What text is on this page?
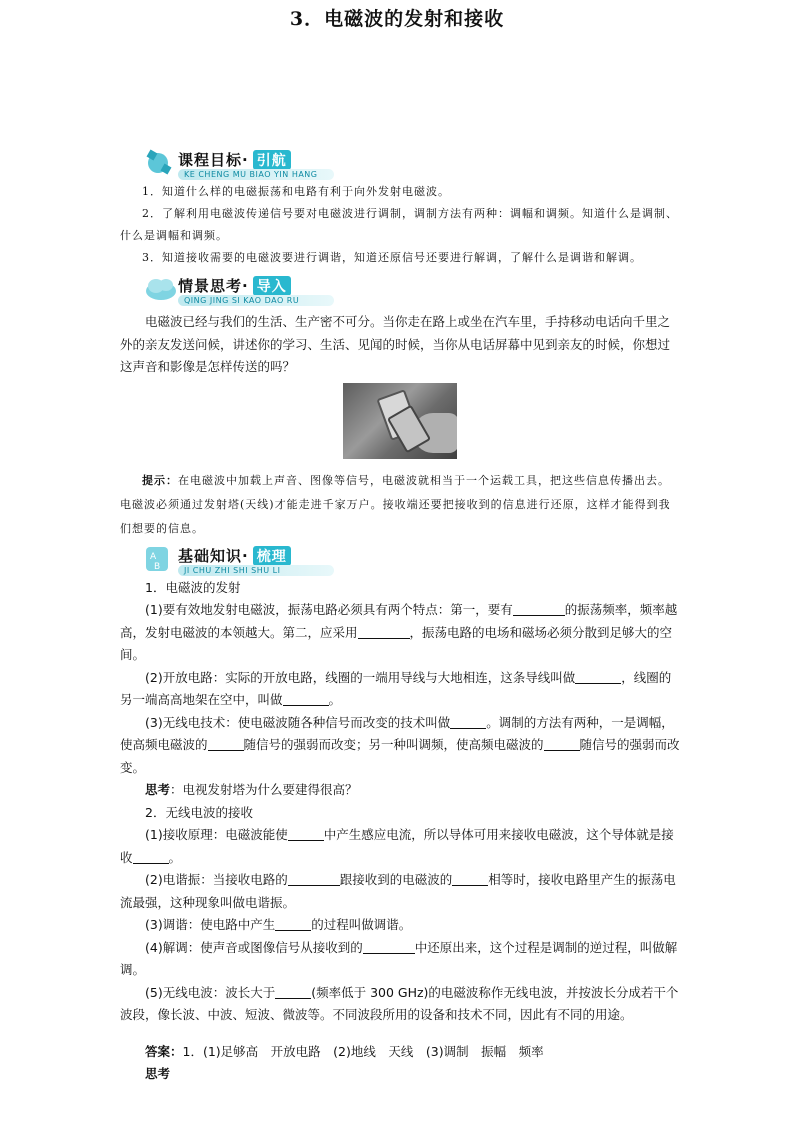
3．电磁波的发射和接收
课程目标· 引航
KE CHENG MU BIAO YIN HANG

1．知道什么样的电磁振荡和电路有利于向外发射电磁波。

2．了解利用电磁波传递信号要对电磁波进行调制，调制方法有两种：调幅和调频。知道什么是调制、什么是调幅和调频。

3．知道接收需要的电磁波要进行调谐，知道还原信号还要进行解调，了解什么是调谐和解调。

情景思考· 导入
QING JING SI KAO DAO RU

电磁波已经与我们的生活、生产密不可分。当你走在路上或坐在汽车里，手持移动电话向千里之外的亲友发送问候，讲述你的学习、生活、见闻的时候，当你从电话屏幕中见到亲友的时候，你想过这声音和影像是怎样传送的吗？

提示：在电磁波中加载上声音、图像等信号，电磁波就相当于一个运载工具，把这些信息传播出去。电磁波必须通过发射塔(天线)才能走进千家万户。接收端还要把接收到的信息进行还原，这样才能得到我们想要的信息。

A
B
基础知识· 梳理
JI CHU ZHI SHI SHU LI

1．电磁波的发射

(1)要有效地发射电磁波，振荡电路必须具有两个特点：第一，要有	的振荡频率，频率越高，发射电磁波的本领越大。第二，应采用	，振荡电路的电场和磁场必须分散到足够大的空间。

(2)开放电路：实际的开放电路，线圈的一端用导线与大地相连，这条导线叫做	，线圈的另一端高高地架在空中，叫做	。

(3)无线电技术：使电磁波随各种信号而改变的技术叫做	。调制的方法有两种，一是调幅，使高频电磁波的	随信号的强弱而改变；另一种叫调频，使高频电磁波的	随信号的强弱而改变。

思考：电视发射塔为什么要建得很高？

2．无线电波的接收

(1)接收原理：电磁波能使	中产生感应电流，所以导体可用来接收电磁波，这个导体就是接收	。

(2)电谐振：当接收电路的	跟接收到的电磁波的	相等时，接收电路里产生的振荡电流最强，这种现象叫做电谐振。

(3)调谐：使电路中产生	的过程叫做调谐。

(4)解调：使声音或图像信号从接收到的	中还原出来，这个过程是调制的逆过程，叫做解调。

(5)无线电波：波长大于	(频率低于 300 GHz)的电磁波称作无线电波，并按波长分成若干个波段，像长波、中波、短波、微波等。不同波段所用的设备和技术不同，因此有不同的用途。

答案：1．(1)足够高　开放电路　(2)地线　天线　(3)调制　振幅　频率

思考
